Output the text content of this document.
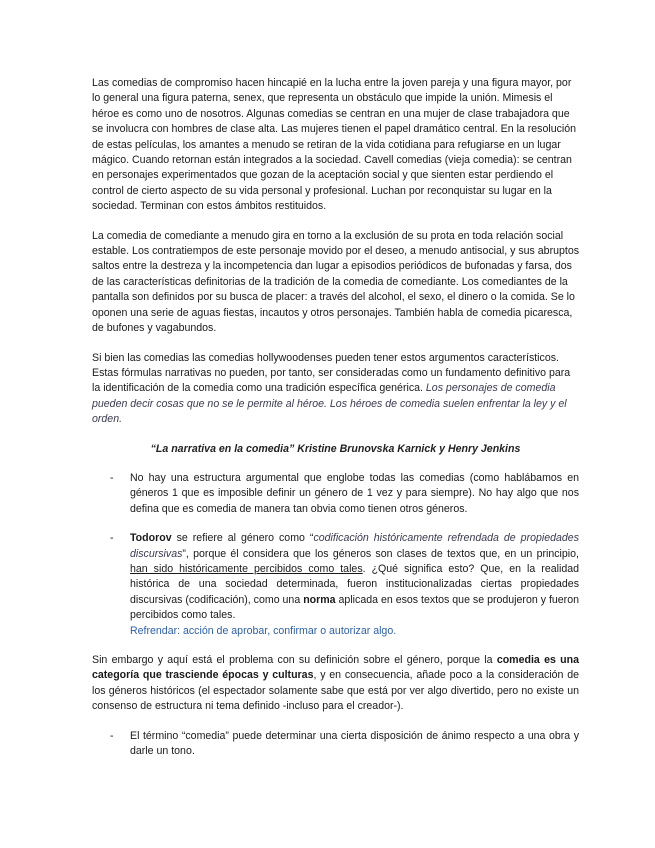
Las comedias de compromiso hacen hincapié en la lucha entre la joven pareja y una figura mayor, por lo general una figura paterna, senex, que representa un obstáculo que impide la unión. Mimesis el héroe es como uno de nosotros. Algunas comedias se centran en una mujer de clase trabajadora que se involucra con hombres de clase alta. Las mujeres tienen el papel dramático central. En la resolución de estas películas, los amantes a menudo se retiran de la vida cotidiana para refugiarse en un lugar mágico. Cuando retornan están integrados a la sociedad. Cavell comedias (vieja comedia): se centran en personajes experimentados que gozan de la aceptación social y que sienten estar perdiendo el control de cierto aspecto de su vida personal y profesional. Luchan por reconquistar su lugar en la sociedad. Terminan con estos ámbitos restituidos.

La comedia de comediante a menudo gira en torno a la exclusión de su prota en toda relación social estable. Los contratiempos de este personaje movido por el deseo, a menudo antisocial, y sus abruptos saltos entre la destreza y la incompetencia dan lugar a episodios periódicos de bufonadas y farsa, dos de las características definitorias de la tradición de la comedia de comediante. Los comediantes de la pantalla son definidos por su busca de placer: a través del alcohol, el sexo, el dinero o la comida. Se lo oponen una serie de aguas fiestas, incautos y otros personajes. También habla de comedia picaresca, de bufones y vagabundos.

Si bien las comedias las comedias hollywoodenses pueden tener estos argumentos característicos. Estas fórmulas narrativas no pueden, por tanto, ser consideradas como un fundamento definitivo para la identificación de la comedia como una tradición específica genérica. Los personajes de comedia pueden decir cosas que no se le permite al héroe. Los héroes de comedia suelen enfrentar la ley y el orden.

“La narrativa en la comedia” Kristine Brunovska Karnick y Henry Jenkins

- No hay una estructura argumental que englobe todas las comedias (como hablábamos en géneros 1 que es imposible definir un género de 1 vez y para siempre). No hay algo que nos defina que es comedia de manera tan obvia como tienen otros géneros.
- Todorov se refiere al género como “codificación históricamente refrendada de propiedades discursivas”, porque él considera que los géneros son clases de textos que, en un principio, han sido históricamente percibidos como tales. ¿Qué significa esto? Que, en la realidad histórica de una sociedad determinada, fueron institucionalizadas ciertas propiedades discursivas (codificación), como una norma aplicada en esos textos que se produjeron y fueron percibidos como tales.
Refrendar: acción de aprobar, confirmar o autorizar algo.

Sin embargo y aquí está el problema con su definición sobre el género, porque la comedia es una categoría que trasciende épocas y culturas, y en consecuencia, añade poco a la consideración de los géneros históricos (el espectador solamente sabe que está por ver algo divertido, pero no existe un consenso de estructura ni tema definido -incluso para el creador-).

- El término “comedia” puede determinar una cierta disposición de ánimo respecto a una obra y darle un tono.
